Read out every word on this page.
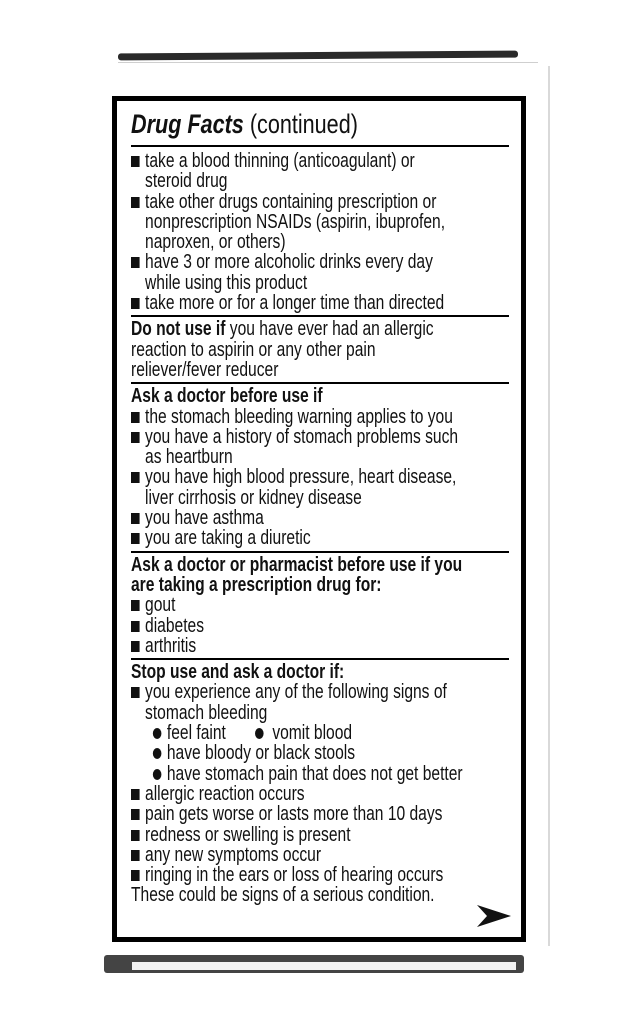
Drug Facts (continued)
take a blood thinning (anticoagulant) or
steroid drug
take other drugs containing prescription or
nonprescription NSAIDs (aspirin, ibuprofen,
naproxen, or others)
have 3 or more alcoholic drinks every day
while using this product
take more or for a longer time than directed
Do not use if you have ever had an allergic
reaction to aspirin or any other pain
reliever/fever reducer
Ask a doctor before use if
the stomach bleeding warning applies to you
you have a history of stomach problems such
as heartburn
you have high blood pressure, heart disease,
liver cirrhosis or kidney disease
you have asthma
you are taking a diuretic
Ask a doctor or pharmacist before use if you
are taking a prescription drug for:
gout
diabetes
arthritis
Stop use and ask a doctor if:
you experience any of the following signs of
stomach bleeding
feel faint vomit blood
have bloody or black stools
have stomach pain that does not get better
allergic reaction occurs
pain gets worse or lasts more than 10 days
redness or swelling is present
any new symptoms occur
ringing in the ears or loss of hearing occurs
These could be signs of a serious condition.
